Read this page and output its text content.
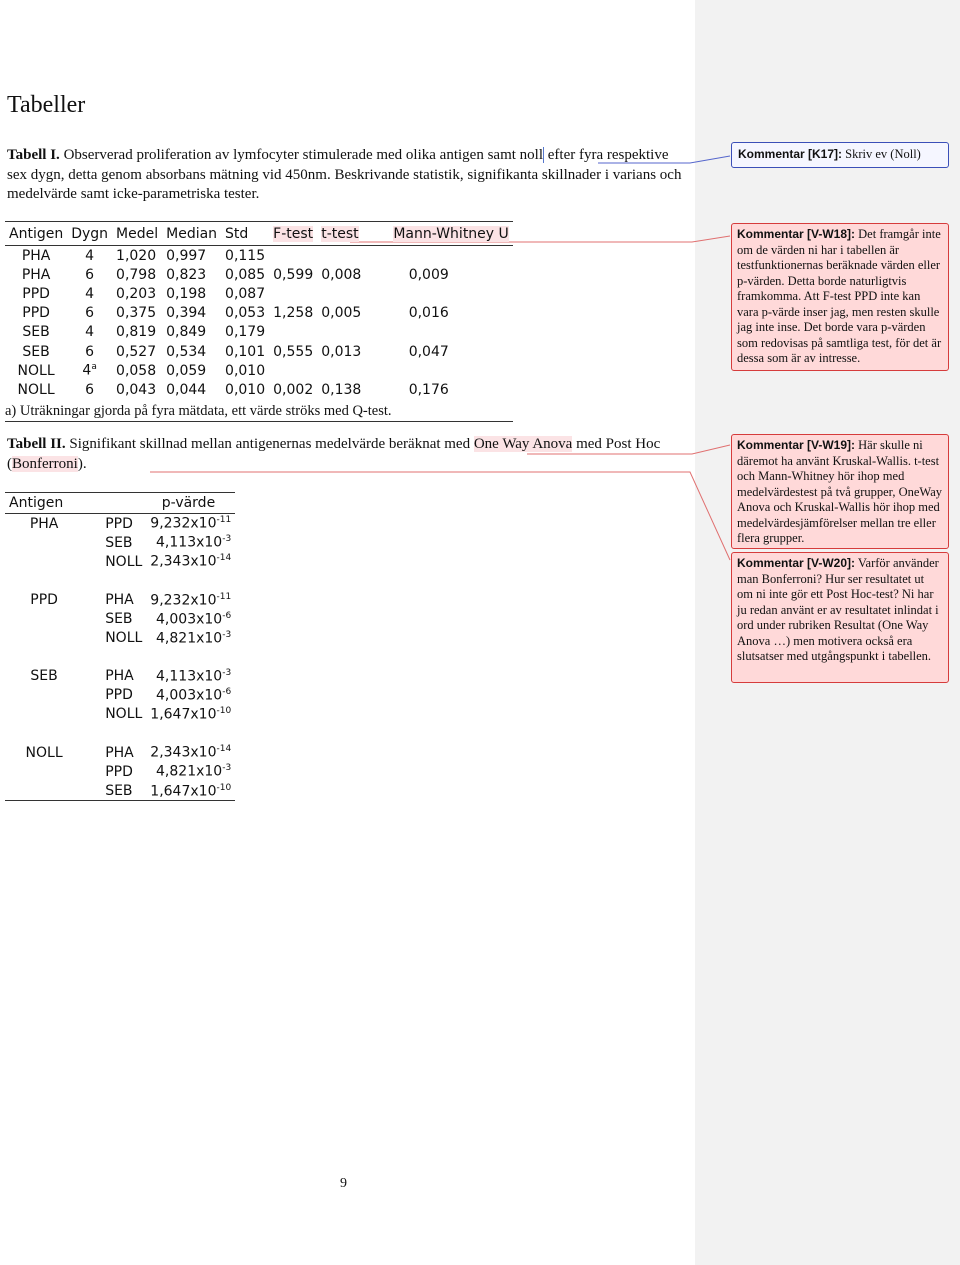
Tabeller
Tabell I. Observerad proliferation av lymfocyter stimulerade med olika antigen samt noll efter fyra respektive sex dygn, detta genom absorbans mätning vid 450nm. Beskrivande statistik, signifikanta skillnader i varians och medelvärde samt icke-parametriska tester.
Antigen	Dygn	Medel	Median	Std	F-test	t-test	Mann-Whitney U
PHA	4	1,020	0,997	0,115			
PHA	6	0,798	0,823	0,085	0,599	0,008	0,009
PPD	4	0,203	0,198	0,087			
PPD	6	0,375	0,394	0,053	1,258	0,005	0,016
SEB	4	0,819	0,849	0,179			
SEB	6	0,527	0,534	0,101	0,555	0,013	0,047
NOLL	4$^a$	0,058	0,059	0,010			
NOLL	6	0,043	0,044	0,010	0,002	0,138	0,176
a) Uträkningar gjorda på fyra mätdata, ett värde ströks med Q-test.							
Tabell II. Signifikant skillnad mellan antigenernas medelvärde beräknat med One Way Anova med Post Hoc (Bonferroni).
Antigen	p-värde	
PHA	PPD	$9,232x10^{-11}$
	SEB	$4,113x10^{-3}$
	NOLL	$2,343x10^{-14}$

PPD	PHA	$9,232x10^{-11}$
	SEB	$4,003x10^{-6}$
	NOLL	$4,821x10^{-3}$

SEB	PHA	$4,113x10^{-3}$
	PPD	$4,003x10^{-6}$
	NOLL	$1,647x10^{-10}$

NOLL	PHA	$2,343x10^{-14}$
	PPD	$4,821x10^{-3}$
	SEB	$1,647x10^{-10}$
Kommentar [K17]: Skriv ev (Noll)
Kommentar [V-W18]: Det framgår inte om de värden ni har i tabellen är testfunktionernas beräknade värden eller p-värden. Detta borde naturligtvis framkomma. Att F-test PPD inte kan vara p-värde inser jag, men resten skulle jag inte inse. Det borde vara p-värden som redovisas på samtliga test, för det är dessa som är av intresse.
Kommentar [V-W19]: Här skulle ni däremot ha använt Kruskal-Wallis. t-test och Mann-Whitney hör ihop med medelvärdestest på två grupper, OneWay Anova och Kruskal-Wallis hör ihop med medelvärdesjämförelser mellan tre eller flera grupper.
Kommentar [V-W20]: Varför använder man Bonferroni? Hur ser resultatet ut om ni inte gör ett Post Hoc-test? Ni har ju redan använt er av resultatet inlindat i ord under rubriken Resultat (One Way Anova …) men motivera också era slutsatser med utgångspunkt i tabellen.
9
